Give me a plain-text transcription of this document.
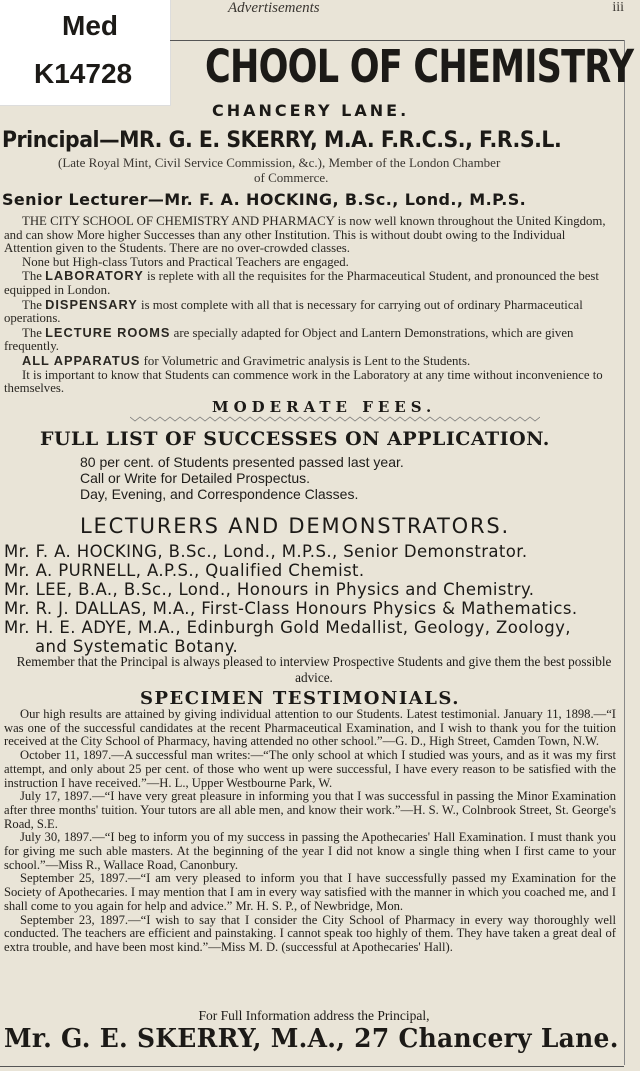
Med
K14728
Advertisements	iii
CHOOL OF CHEMISTRY
CHANCERY LANE.
Principal—MR. G. E. SKERRY, M.A. F.R.C.S., F.R.S.L.
(Late Royal Mint, Civil Service Commission, &c.), Member of the London Chamber
of Commerce.
Senior Lecturer—Mr. F. A. HOCKING, B.Sc., Lond., M.P.S.

THE CITY SCHOOL OF CHEMISTRY AND PHARMACY is now well known throughout the United Kingdom, and can show More higher Successes than any other Institution. This is without doubt owing to the Individual Attention given to the Students. There are no over-crowded classes.

None but High-class Tutors and Practical Teachers are engaged.

The LABORATORY is replete with all the requisites for the Pharmaceutical Student, and pronounced the best equipped in London.

The DISPENSARY is most complete with all that is necessary for carrying out of ordinary Pharmaceutical operations.

The LECTURE ROOMS are specially adapted for Object and Lantern Demonstrations, which are given frequently.

ALL APPARATUS for Volumetric and Gravimetric analysis is Lent to the Students.

It is important to know that Students can commence work in the Laboratory at any time without inconvenience to themselves.

MODERATE FEES.
FULL LIST OF SUCCESSES ON APPLICATION.
80 per cent. of Students presented passed last year.
Call or Write for Detailed Prospectus.
Day, Evening, and Correspondence Classes.
LECTURERS AND DEMONSTRATORS.
Mr. F. A. HOCKING, B.Sc., Lond., M.P.S., Senior Demonstrator.
Mr. A. PURNELL, A.P.S., Qualified Chemist.
Mr. LEE, B.A., B.Sc., Lond., Honours in Physics and Chemistry.
Mr. R. J. DALLAS, M.A., First-Class Honours Physics & Mathematics.
Mr. H. E. ADYE, M.A., Edinburgh Gold Medallist, Geology, Zoology,
and Systematic Botany.
Remember that the Principal is always pleased to interview Prospective Students and give them the best possible advice.
SPECIMEN TESTIMONIALS.

Our high results are attained by giving individual attention to our Students. Latest testimonial. January 11, 1898.—“I was one of the successful candidates at the recent Pharmaceutical Examination, and I wish to thank you for the tuition received at the City School of Pharmacy, having attended no other school.”—G. D., High Street, Camden Town, N.W.

October 11, 1897.—A successful man writes:—“The only school at which I studied was yours, and as it was my first attempt, and only about 25 per cent. of those who went up were successful, I have every reason to be satisfied with the instruction I have received.”—H. L., Upper Westbourne Park, W.

July 17, 1897.—“I have very great pleasure in informing you that I was successful in passing the Minor Examination after three months' tuition. Your tutors are all able men, and know their work.”—H. S. W., Colnbrook Street, St. George's Road, S.E.

July 30, 1897.—“I beg to inform you of my success in passing the Apothecaries' Hall Examination. I must thank you for giving me such able masters. At the beginning of the year I did not know a single thing when I first came to your school.”—Miss R., Wallace Road, Canonbury.

September 25, 1897.—“I am very pleased to inform you that I have successfully passed my Examination for the Society of Apothecaries. I may mention that I am in every way satisfied with the manner in which you coached me, and I shall come to you again for help and advice.” Mr. H. S. P., of Newbridge, Mon.

September 23, 1897.—“I wish to say that I consider the City School of Pharmacy in every way thoroughly well conducted. The teachers are efficient and painstaking. I cannot speak too highly of them. They have taken a great deal of extra trouble, and have been most kind.”—Miss M. D. (successful at Apothecaries' Hall).

For Full Information address the Principal,
Mr. G. E. SKERRY, M.A., 27 Chancery Lane.
